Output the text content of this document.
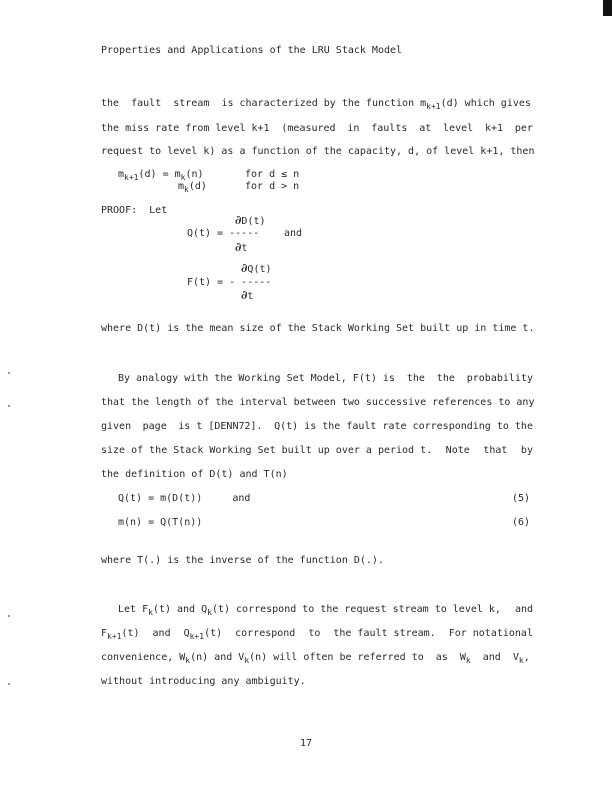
Properties and Applications of the LRU Stack Model
the fault stream is characterized by the function $m_{k+1}(d)$ which gives
the miss rate from level k+1 (measured in faults at level k+1 per
request to level k) as a function of the capacity, d, of level k+1, then
$m_{k+1}(d) = m_k(n)$	for d ≤ n
$m_k(d)$	for d > n
PROOF:  Let
∂D(t)
Q(t) = ----- and
∂t
∂Q(t)
F(t) = - -----
∂t
where D(t) is the mean size of the Stack Working Set built up in time t.
By analogy with the Working Set Model, F(t) is the the probability
that the length of the interval between two successive references to any
given page is t [DENN72]. Q(t) is the fault rate corresponding to the
size of the Stack Working Set built up over a period t. Note that by
the definition of D(t) and T(n)
Q(t) = m(D(t))     and	(5)
m(n) = Q(T(n))	(6)
where T(.) is the inverse of the function D(.).
Let $F_k(t)$ and $Q_k(t)$ correspond to the request stream to level k, and
$F_{k+1}(t)$ and $Q_{k+1}(t)$ correspond to the fault stream. For notational
convenience, $W_k(n)$ and $V_k(n)$ will often be referred to  as  $W_k$  and  $V_k$,
without introducing any ambiguity.
17
